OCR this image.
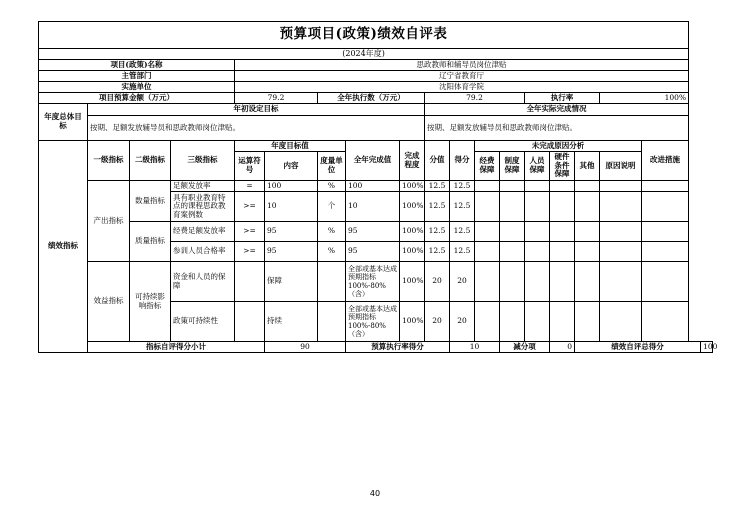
预算项目(政策)绩效自评表																		
(2024年度)																		
项目(政策)名称				思政教师和辅导员岗位津贴														
主管部门				辽宁省教育厅														
实施单位				沈阳体育学院														
项目预算金额（万元）				79.2		全年执行数（万元）			79.2				执行率			100%		
年度总体目标	年初设定目标								全年实际完成情况									
	按期、足额发放辅导员和思政教师岗位津贴。								按期、足额发放辅导员和思政教师岗位津贴。									
绩效指标	一级指标	二级指标	三级指标	年度目标值			全年完成值	完成程度	分值	得分	未完成原因分析						改进措施	
				运算符号	内容	度量单位					经费保障	制度保障	人员保障	硬件条件保障	其他	原因说明		
	产出指标	数量指标	足额发放率	=	100	%	100	100%	12.5	12.5								
			具有职业教育特点的课程思政教育案例数	>=	10	个	10	100%	12.5	12.5								
		质量指标	经费足额发放率	>=	95	%	95	100%	12.5	12.5								
			参训人员合格率	>=	95	%	95	100%	12.5	12.5								
	效益指标	可持续影响指标	资金和人员的保障		保障		全部或基本达成预期指标100%-80%（含）	100%	20	20								
			政策可持续性		持续		全部或基本达成预期指标100%-80%（含）	100%	20	20								
	指标自评得分小计				90		预算执行率得分			10		减分项		0	绩效自评总得分			100
40
